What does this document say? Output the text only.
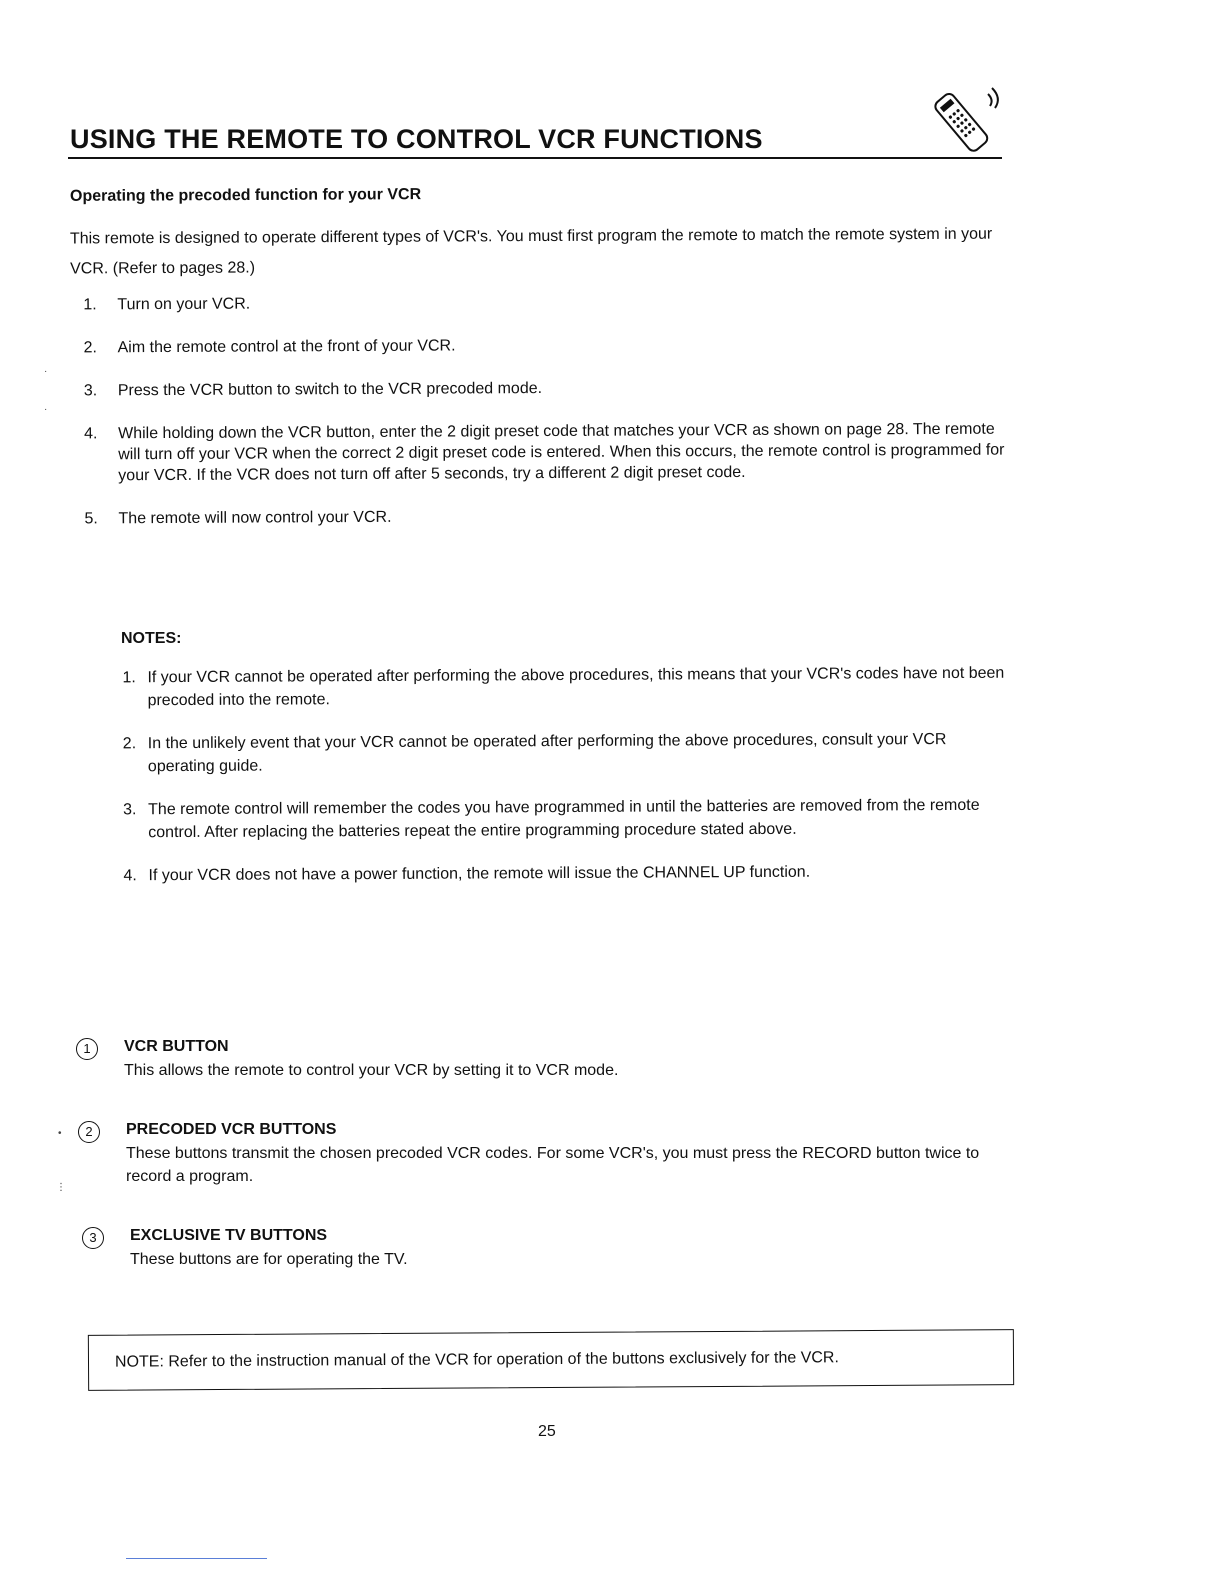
USING THE REMOTE TO CONTROL VCR FUNCTIONS
Operating the precoded function for your VCR
This remote is designed to operate different types of VCR's. You must first program the remote to match the remote system in your VCR. (Refer to pages 28.)
1. Turn on your VCR.
2. Aim the remote control at the front of your VCR.
3. Press the VCR button to switch to the VCR precoded mode.
4. While holding down the VCR button, enter the 2 digit preset code that matches your VCR as shown on page 28. The remote will turn off your VCR when the correct 2 digit preset code is entered. When this occurs, the remote control is programmed for your VCR. If the VCR does not turn off after 5 seconds, try a different 2 digit preset code.
5. The remote will now control your VCR.
NOTES:
1. If your VCR cannot be operated after performing the above procedures, this means that your VCR's codes have not been precoded into the remote.
2. In the unlikely event that your VCR cannot be operated after performing the above procedures, consult your VCR operating guide.
3. The remote control will remember the codes you have programmed in until the batteries are removed from the remote control. After replacing the batteries repeat the entire programming procedure stated above.
4. If your VCR does not have a power function, the remote will issue the CHANNEL UP function.
1	VCR BUTTON
This allows the remote to control your VCR by setting it to VCR mode.
2	PRECODED VCR BUTTONS
These buttons transmit the chosen precoded VCR codes. For some VCR's, you must press the RECORD button twice to record a program.
3	EXCLUSIVE TV BUTTONS
These buttons are for operating the TV.
NOTE: Refer to the instruction manual of the VCR for operation of the buttons exclusively for the VCR.
25
·
·
•
⋮
